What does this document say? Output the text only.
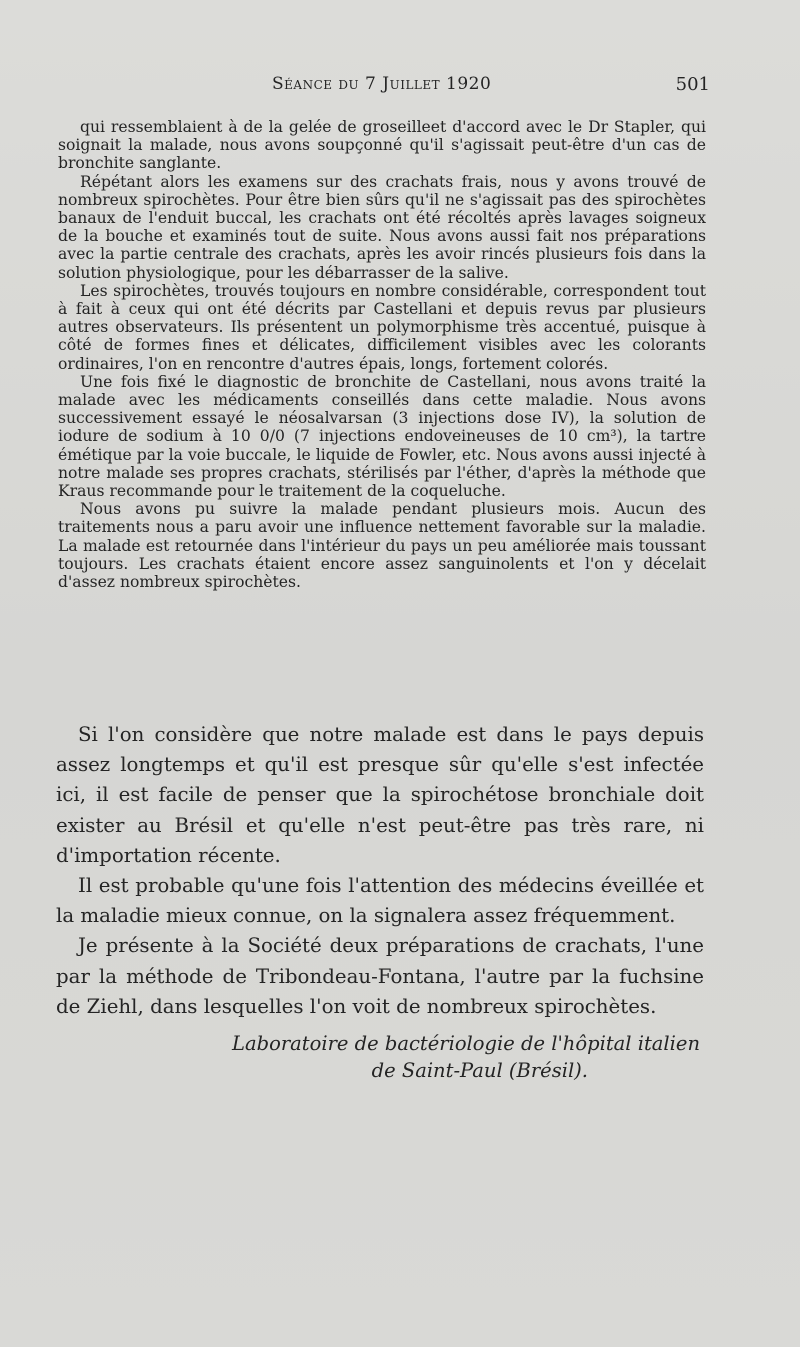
Séance du 7 Juillet 1920	501

qui ressemblaient à de la gelée de groseilleet d'accord avec le Dr Stapler, qui soignait la malade, nous avons soupçonné qu'il s'agissait peut-être d'un cas de bronchite sanglante.

Répétant alors les examens sur des crachats frais, nous y avons trouvé de nombreux spirochètes. Pour être bien sûrs qu'il ne s'agissait pas des spirochètes banaux de l'enduit buccal, les crachats ont été récoltés après lavages soigneux de la bouche et examinés tout de suite. Nous avons aussi fait nos préparations avec la partie centrale des crachats, après les avoir rincés plusieurs fois dans la solution physiologique, pour les débarrasser de la salive.

Les spirochètes, trouvés toujours en nombre considérable, correspondent tout à fait à ceux qui ont été décrits par Castellani et depuis revus par plusieurs autres observateurs. Ils présentent un polymorphisme très accentué, puisque à côté de formes fines et délicates, difficilement visibles avec les colorants ordinaires, l'on en rencontre d'autres épais, longs, fortement colorés.

Une fois fixé le diagnostic de bronchite de Castellani, nous avons traité la malade avec les médicaments conseillés dans cette maladie. Nous avons successivement essayé le néosalvarsan (3 injections dose IV), la solution de iodure de sodium à 10 0/0 (7 injections endoveineuses de 10 cm³), la tartre émétique par la voie buccale, le liquide de Fowler, etc. Nous avons aussi injecté à notre malade ses propres crachats, stérilisés par l'éther, d'après la méthode que Kraus recommande pour le traitement de la coqueluche.

Nous avons pu suivre la malade pendant plusieurs mois. Aucun des traitements nous a paru avoir une influence nettement favorable sur la maladie. La malade est retournée dans l'intérieur du pays un peu améliorée mais toussant toujours. Les crachats étaient encore assez sanguinolents et l'on y décelait d'assez nombreux spirochètes.

Si l'on considère que notre malade est dans le pays depuis assez longtemps et qu'il est presque sûr qu'elle s'est infectée ici, il est facile de penser que la spirochétose bronchiale doit exister au Brésil et qu'elle n'est peut-être pas très rare, ni d'importation récente.

Il est probable qu'une fois l'attention des médecins éveillée et la maladie mieux connue, on la signalera assez fréquemment.

Je présente à la Société deux préparations de crachats, l'une par la méthode de Tribondeau-Fontana, l'autre par la fuchsine de Ziehl, dans lesquelles l'on voit de nombreux spirochètes.

Laboratoire de bactériologie de l'hôpital italien
de Saint-Paul (Brésil).
